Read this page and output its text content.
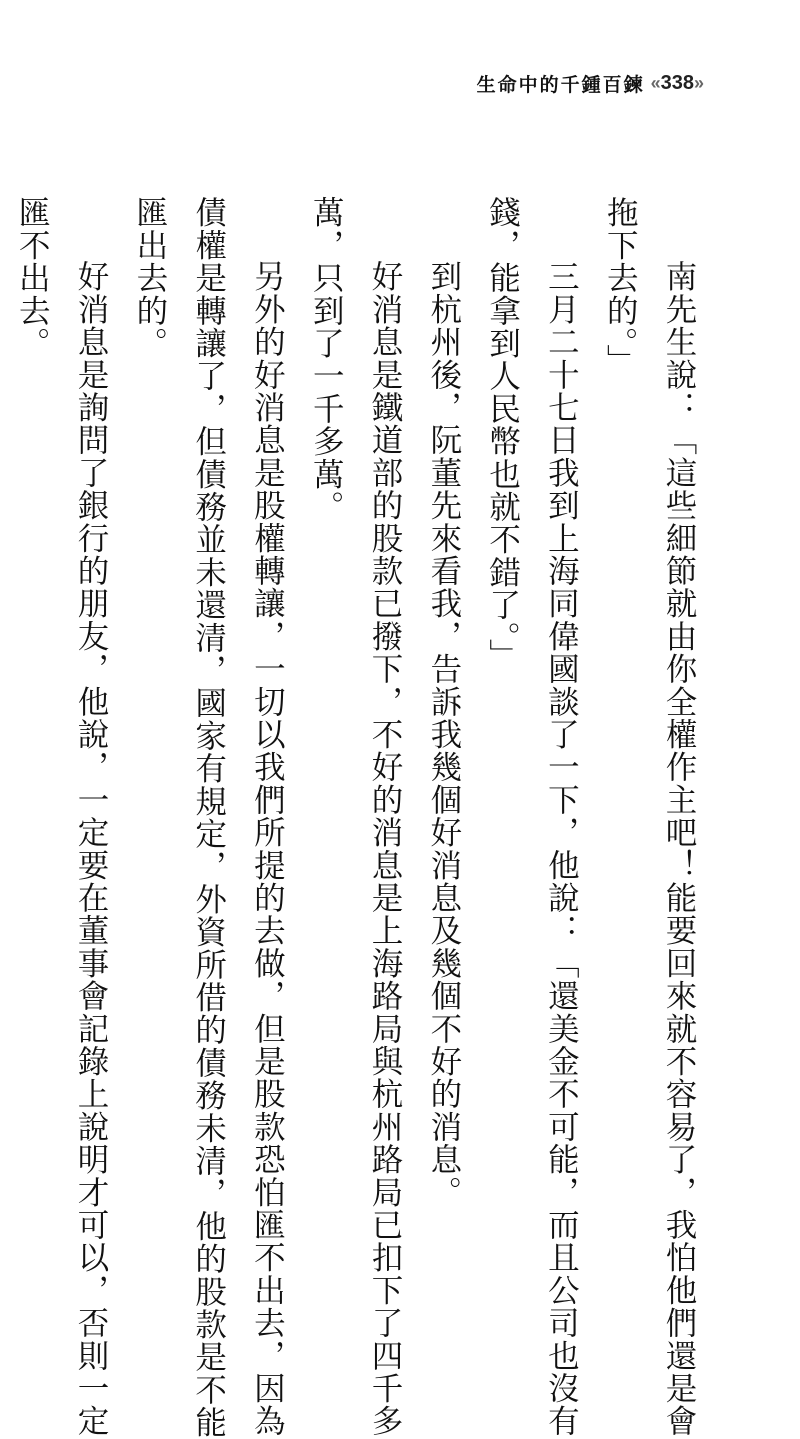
生命中的千鍾百鍊 « 338 »
南先生說：「這些細節就由你全權作主吧！能要回來就不容易了，我怕他們還是會
拖下去的。」
三月二十七日我到上海同偉國談了一下，他說：「還美金不可能，而且公司也沒有
錢，能拿到人民幣也就不錯了。」
到杭州後，阮董先來看我，告訴我幾個好消息及幾個不好的消息。
好消息是鐵道部的股款已撥下，不好的消息是上海路局與杭州路局已扣下了四千多
萬，只到了一千多萬。
另外的好消息是股權轉讓，一切以我們所提的去做，但是股款恐怕匯不出去，因為
債權是轉讓了，但債務並未還清，國家有規定，外資所借的債務未清，他的股款是不能
匯出去的。
好消息是詢問了銀行的朋友，他說，一定要在董事會記錄上說明才可以，否則一定
匯不出去。
